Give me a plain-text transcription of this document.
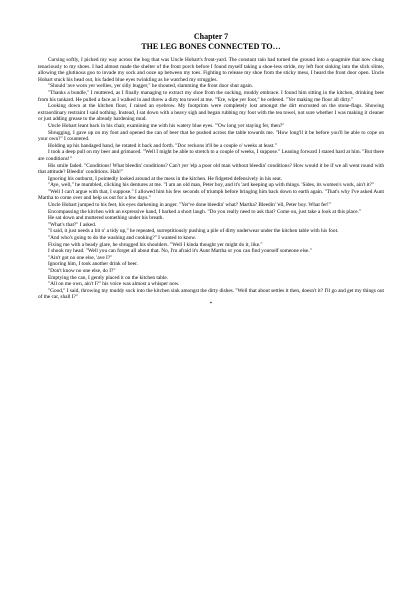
Chapter 7
THE LEG BONES CONNECTED TO…

Cursing softly, I picked my way across the bog that was Uncle Hobart's front-yard. The constant rain had turned the ground into a quagmire that now clung tenaciously to my shoes. I had almost made the shelter of the front porch before I found myself taking a shoe-less stride, my left foot sinking into the slick slime, allowing the glutinous goo to invade my sock and ooze up between my toes. Fighting to release my shoe from the sticky mess, I heard the front door open. Uncle Hobart stuck his head out, his faded blue eyes twinkling as he watched my struggles.

"Should 'ave worn yer wellies, yer silly bugger," he shouted, slamming the front door shut again.

"Thanks a bundle," I muttered, as I finally managing to extract my shoe from the sucking, muddy embrace. I found him sitting in the kitchen, drinking beer from his tankard. He pulled a face as I walked in and threw a dirty tea towel at me. "'Ere, wipe yer foot," he ordered. "Yer making me floor all dirty."

Looking down at the kitchen floor, I raised an eyebrow. My footprints were completely lost amongst the dirt encrusted on the stone-flags. Showing extraordinary restraint I said nothing. Instead, I sat down with a heavy sigh and began rubbing my foot with the tea towel, not sure whether I was making it cleaner or just adding grease to the already hardening mud.

Uncle Hobart leant back in his chair, examining me with his watery blue eyes. "'Ow long yer staying fer, then?"

Shrugging, I gave up on my foot and opened the can of beer that he pushed across the table towards me. "How long'll it be before you'll be able to cope on your own?" I countered.

Holding up his bandaged hand, he rotated it back and forth. "Doc reckons it'll be a couple o' weeks at least."

I took a deep pull on my beer and grimaced. "Well I might be able to stretch to a couple of weeks, I suppose." Leaning forward I stared hard at him. "But there are conditions!"

His smile faded. "Conditions! What bleedin' conditions? Can't yer 'elp a poor old man without bleedin' conditions? How would it be if we all went round with that attitude? Bleedin' conditions. Hah!"

Ignoring his outburst, I pointedly looked around at the mess in the kitchen. He fidgeted defensively in his seat.

"Aye, well," he mumbled, clicking his dentures at me. "I am an old man, Peter boy, and it's 'ard keeping up with things. 'Sides, its women's work, ain't it?"

"Well I can't argue with that, I suppose." I allowed him his few seconds of triumph before bringing him back down to earth again. "That's why I've asked Aunt Martha to come over and help us out for a few days."

Uncle Hobart jumped to his feet, his eyes darkening in anger. "Yer've done bleedin' what? Martha? Bleedin' 'ell, Peter boy. What fer!"

Encompassing the kitchen with an expressive hand, I barked a short laugh. "Do you really need to ask that? Come on, just take a look at this place."

He sat down and muttered something under his breath.

"What's that?" I asked.

"I said, it just needs a bit o' a tidy up," he repeated, surreptitiously pushing a pile of dirty underwear under the kitchen table with his foot.

"And who's going to do the washing and cooking?" I wanted to know.

Fixing me with a beady glare, he shrugged his shoulders. "Well I kinda thought yer might do it, like."

I shook my head. "Well you can forget all about that. No, I'm afraid it's Aunt Martha or you can find yourself someone else."

"Ain't got no one else, 'ave I?"

Ignoring him, I took another drink of beer.

"Don't know no one else, do I?"

Emptying the can, I gently placed it on the kitchen table.

"All on me own, ain't I?" his voice was almost a whisper now.

"Good," I said, throwing my muddy sock into the kitchen sink amongst the dirty dishes. "Well that about settles it then, doesn't it? I'll go and get my things out of the car, shall I?"

*
